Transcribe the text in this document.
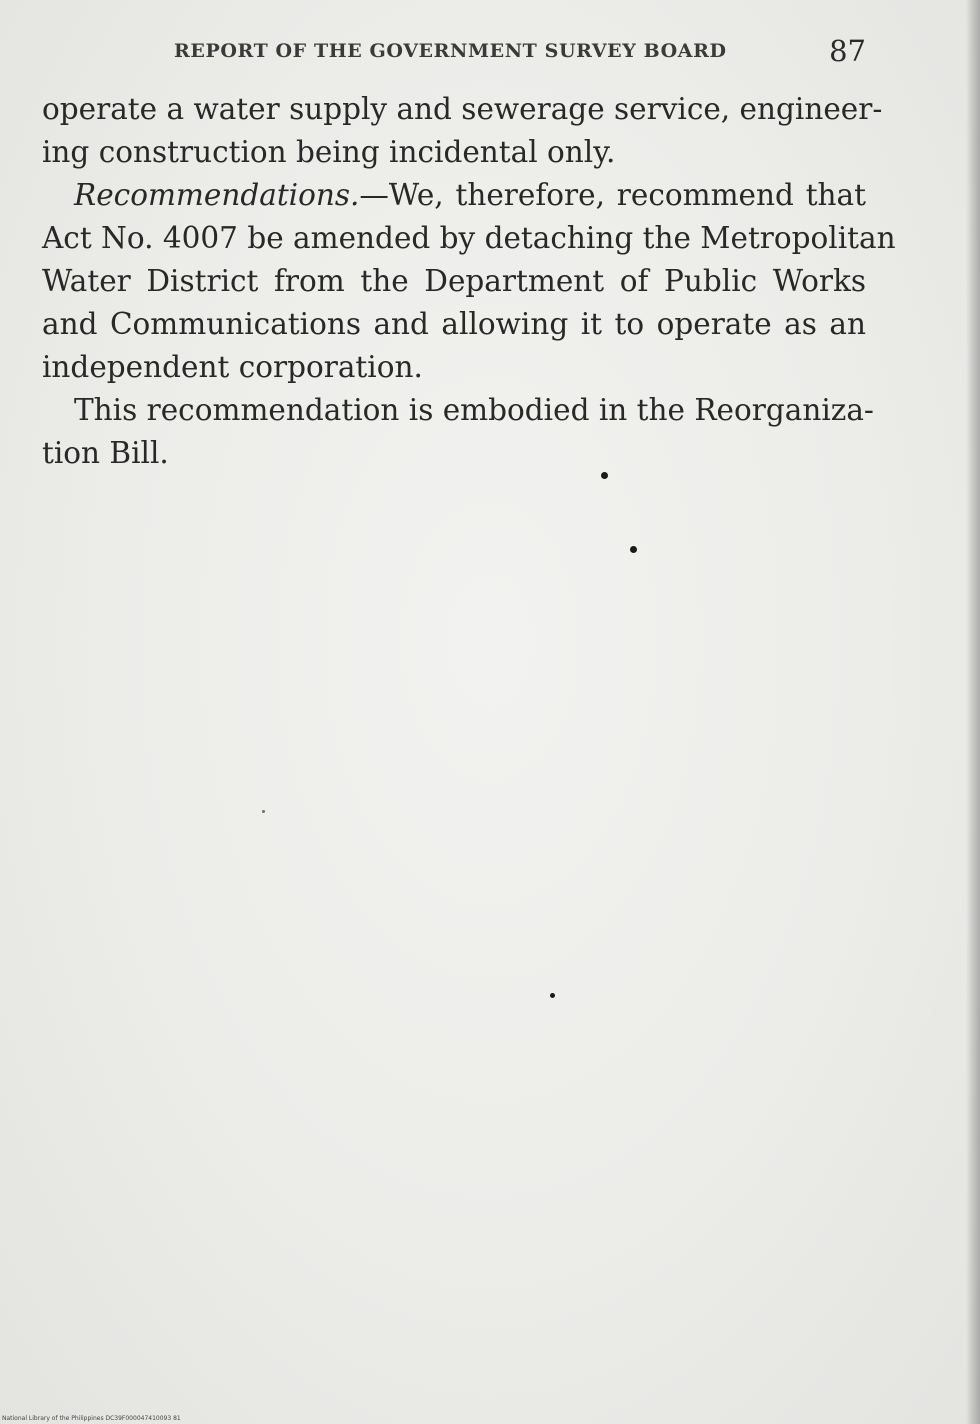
REPORT OF THE GOVERNMENT SURVEY BOARD	87

operate a water supply and sewerage service, engineer-
ing construction being incidental only.

Recommendations.—We, therefore, recommend that
Act No. 4007 be amended by detaching the Metropolitan
Water District from the Department of Public Works
and Communications and allowing it to operate as an
independent corporation.

This recommendation is embodied in the Reorganiza-
tion Bill.

National Library of the Philippines DC39F000047410093 81
